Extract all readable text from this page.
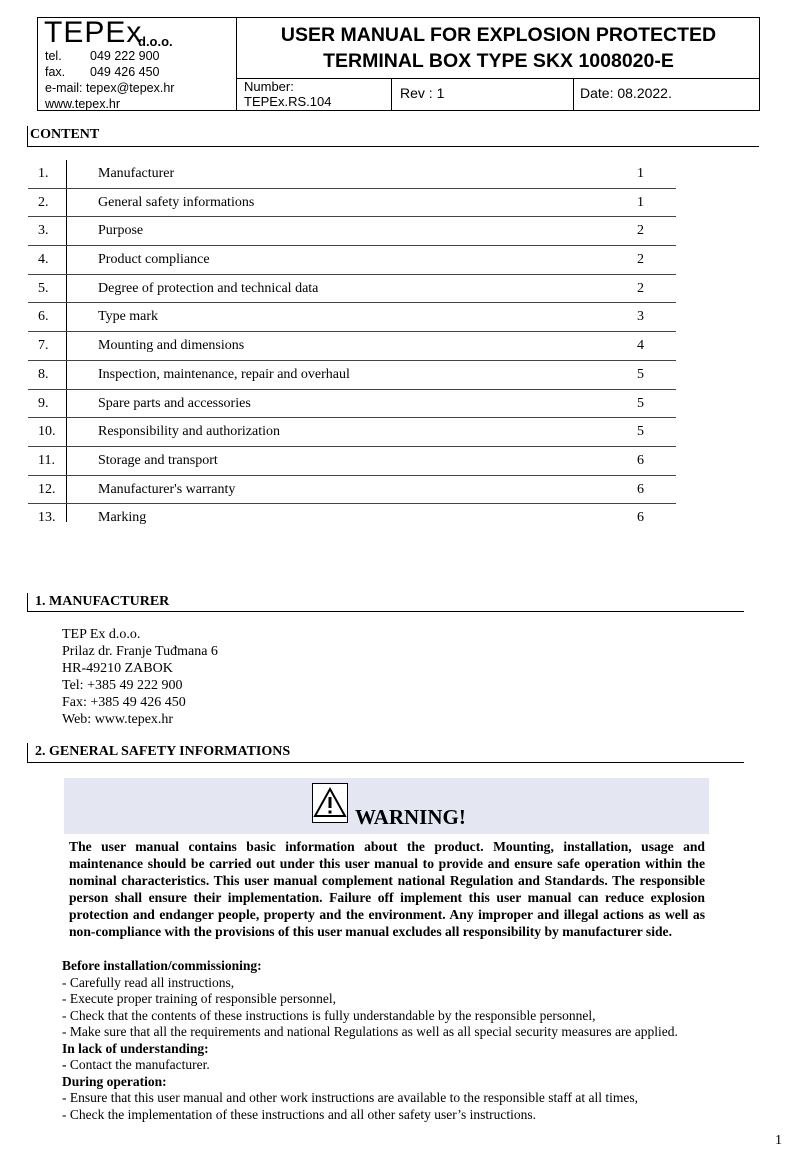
TEPEx
d.o.o.
tel. 049 222 900
fax. 049 426 450
e-mail: tepex@tepex.hr
www.tepex.hr
USER MANUAL FOR EXPLOSION PROTECTED
TERMINAL BOX TYPE SKX 1008020-E
Number:
TEPEx.RS.104
Rev : 1	Date: 08.2022.
CONTENT
1.	Manufacturer	1
2.	General safety informations	1
3.	Purpose	2
4.	Product compliance	2
5.	Degree of protection and technical data	2
6.	Type mark	3
7.	Mounting and dimensions	4
8.	Inspection, maintenance, repair and overhaul	5
9.	Spare parts and accessories	5
10.	Responsibility and authorization	5
11.	Storage and transport	6
12.	Manufacturer's warranty	6
13.	Marking	6
1. MANUFACTURER
TEP Ex d.o.o.
Prilaz dr. Franje Tuđmana 6
HR-49210 ZABOK
Tel: +385 49 222 900
Fax: +385 49 426 450
Web: www.tepex.hr
2. GENERAL SAFETY INFORMATIONS
WARNING!
The user manual contains basic information about the product. Mounting, installation, usage and maintenance should be carried out under this user manual to provide and ensure safe operation within the nominal characteristics. This user manual complement national Regulation and Standards. The responsible person shall ensure their implementation. Failure off implement this user manual can reduce explosion protection and endanger people, property and the environment. Any improper and illegal actions as well as non-compliance with the provisions of this user manual excludes all responsibility by manufacturer side.

Before installation/commissioning:

- Carefully read all instructions,

- Execute proper training of responsible personnel,

- Check that the contents of these instructions is fully understandable by the responsible personnel,

- Make sure that all the requirements and national Regulations as well as all special security measures are applied.

In lack of understanding:

- Contact the manufacturer.

During operation:

- Ensure that this user manual and other work instructions are available to the responsible staff at all times,

- Check the implementation of these instructions and all other safety user’s instructions.

1
